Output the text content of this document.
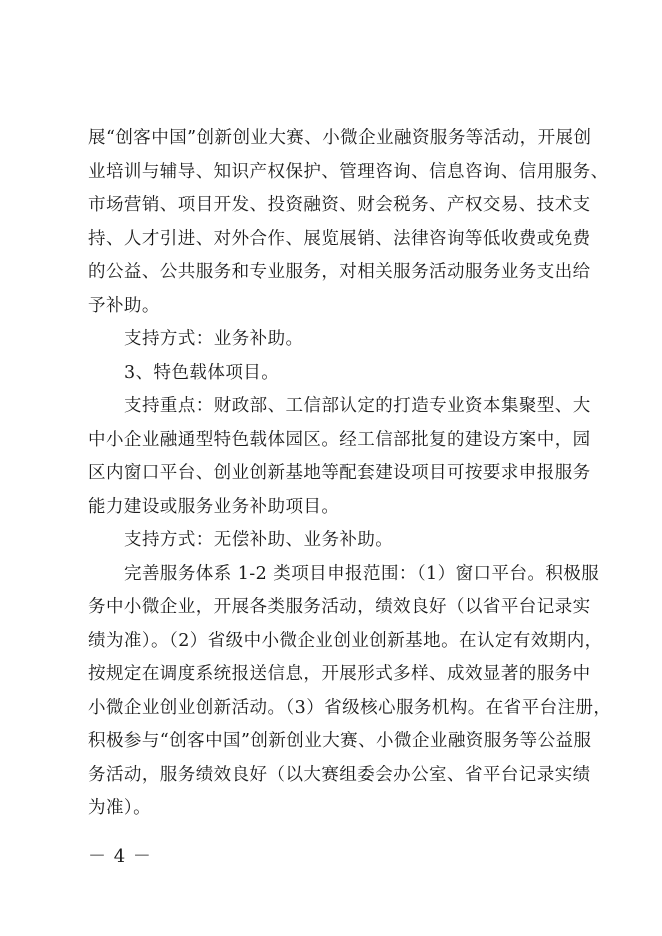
展“创客中国”创新创业大赛、小微企业融资服务等活动，开展创
业培训与辅导、知识产权保护、管理咨询、信息咨询、信用服务、
市场营销、项目开发、投资融资、财会税务、产权交易、技术支
持、人才引进、对外合作、展览展销、法律咨询等低收费或免费
的公益、公共服务和专业服务，对相关服务活动服务业务支出给
予补助。
支持方式：业务补助。
3、特色载体项目。
支持重点：财政部、工信部认定的打造专业资本集聚型、大
中小企业融通型特色载体园区。经工信部批复的建设方案中，园
区内窗口平台、创业创新基地等配套建设项目可按要求申报服务
能力建设或服务业务补助项目。
支持方式：无偿补助、业务补助。
完善服务体系 1-2 类项目申报范围：（1）窗口平台。积极服
务中小微企业，开展各类服务活动，绩效良好（以省平台记录实
绩为准）。（2）省级中小微企业创业创新基地。在认定有效期内，
按规定在调度系统报送信息，开展形式多样、成效显著的服务中
小微企业创业创新活动。（3）省级核心服务机构。在省平台注册，
积极参与“创客中国”创新创业大赛、小微企业融资服务等公益服
务活动，服务绩效良好（以大赛组委会办公室、省平台记录实绩
为准）。
－ 4 －
